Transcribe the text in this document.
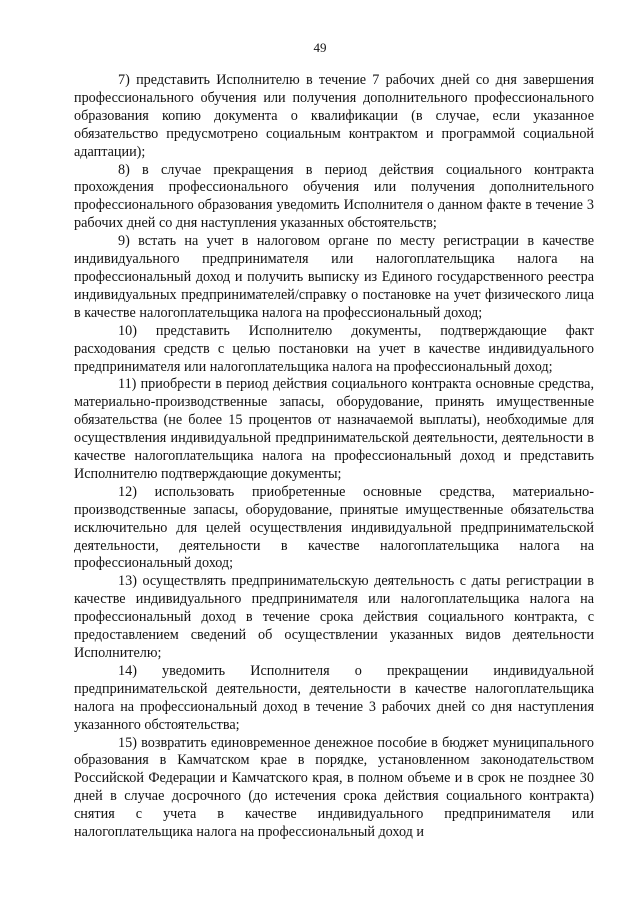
49

7) представить Исполнителю в течение 7 рабочих дней со дня завершения профессионального обучения или получения дополнительного профессионального образования копию документа о квалификации (в случае, если указанное обязательство предусмотрено социальным контрактом и программой социальной адаптации);

8) в случае прекращения в период действия социального контракта прохождения профессионального обучения или получения дополнительного профессионального образования уведомить Исполнителя о данном факте в течение 3 рабочих дней со дня наступления указанных обстоятельств;

9) встать на учет в налоговом органе по месту регистрации в качестве индивидуального предпринимателя или налогоплательщика налога на профессиональный доход и получить выписку из Единого государственного реестра индивидуальных предпринимателей/справку о постановке на учет физического лица в качестве налогоплательщика налога на профессиональный доход;

10) представить Исполнителю документы, подтверждающие факт расходования средств с целью постановки на учет в качестве индивидуального предпринимателя или налогоплательщика налога на профессиональный доход;

11) приобрести в период действия социального контракта основные средства, материально-производственные запасы, оборудование, принять имущественные обязательства (не более 15 процентов от назначаемой выплаты), необходимые для осуществления индивидуальной предпринимательской деятельности, деятельности в качестве налогоплательщика налога на профессиональный доход и представить Исполнителю подтверждающие документы;

12) использовать приобретенные основные средства, материально-производственные запасы, оборудование, принятые имущественные обязательства исключительно для целей осуществления индивидуальной предпринимательской деятельности, деятельности в качестве налогоплательщика налога на профессиональный доход;

13) осуществлять предпринимательскую деятельность с даты регистрации в качестве индивидуального предпринимателя или налогоплательщика налога на профессиональный доход в течение срока действия социального контракта, с предоставлением сведений об осуществлении указанных видов деятельности Исполнителю;

14) уведомить Исполнителя о прекращении индивидуальной предпринимательской деятельности, деятельности в качестве налогоплательщика налога на профессиональный доход в течение 3 рабочих дней со дня наступления указанного обстоятельства;

15) возвратить единовременное денежное пособие в бюджет муниципального образования в Камчатском крае в порядке, установленном законодательством Российской Федерации и Камчатского края, в полном объеме и в срок не позднее 30 дней в случае досрочного (до истечения срока действия социального контракта) снятия с учета в качестве индивидуального предпринимателя или налогоплательщика налога на профессиональный доход и
